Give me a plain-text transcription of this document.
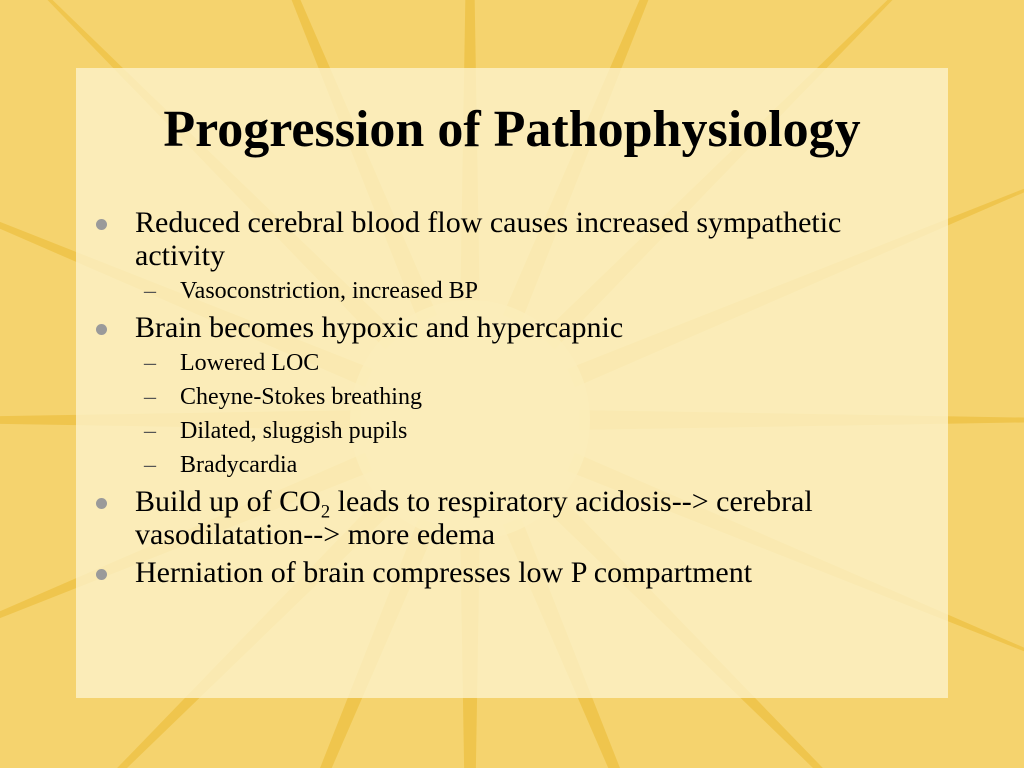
Progression of Pathophysiology
Reduced cerebral blood flow causes increased sympathetic activity
– Vasoconstriction, increased BP
Brain becomes hypoxic and hypercapnic
– Lowered LOC
– Cheyne-Stokes breathing
– Dilated, sluggish pupils
– Bradycardia
Build up of $CO_2$ leads to respiratory acidosis--> cerebral vasodilatation--> more edema
Herniation of brain compresses low P compartment
